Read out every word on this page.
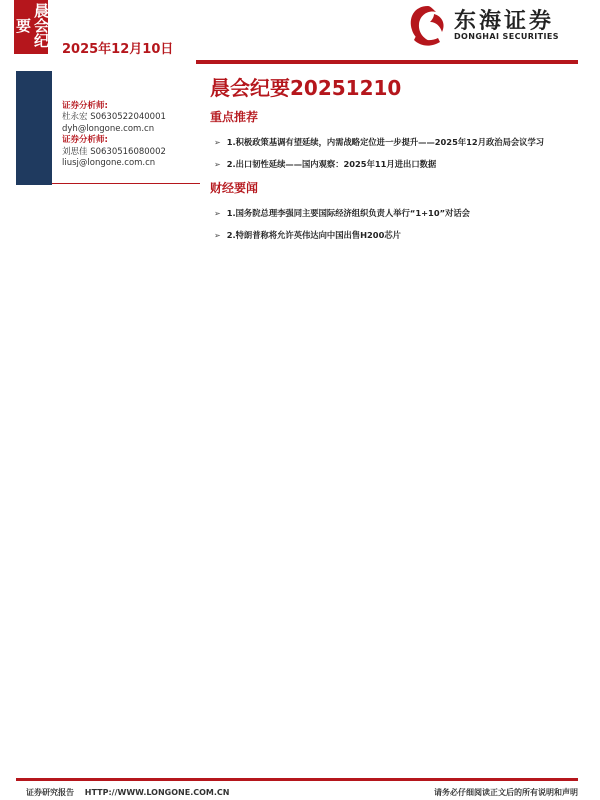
晨会纪要
2025年12月10日
东海证券
DONGHAI SECURITIES
证券分析师:
杜永宏 S0630522040001
dyh@longone.com.cn
证券分析师:
刘思佳 S0630516080002
liusj@longone.com.cn
晨会纪要20251210
重点推荐
➢ 1.积极政策基调有望延续，内需战略定位进一步提升——2025年12月政治局会议学习
➢ 2.出口韧性延续——国内观察：2025年11月进出口数据
财经要闻
➢ 1.国务院总理李强同主要国际经济组织负责人举行“1+10”对话会
➢ 2.特朗普称将允许英伟达向中国出售H200芯片
证券研究报告 HTTP://WWW.LONGONE.COM.CN	请务必仔细阅读正文后的所有说明和声明
